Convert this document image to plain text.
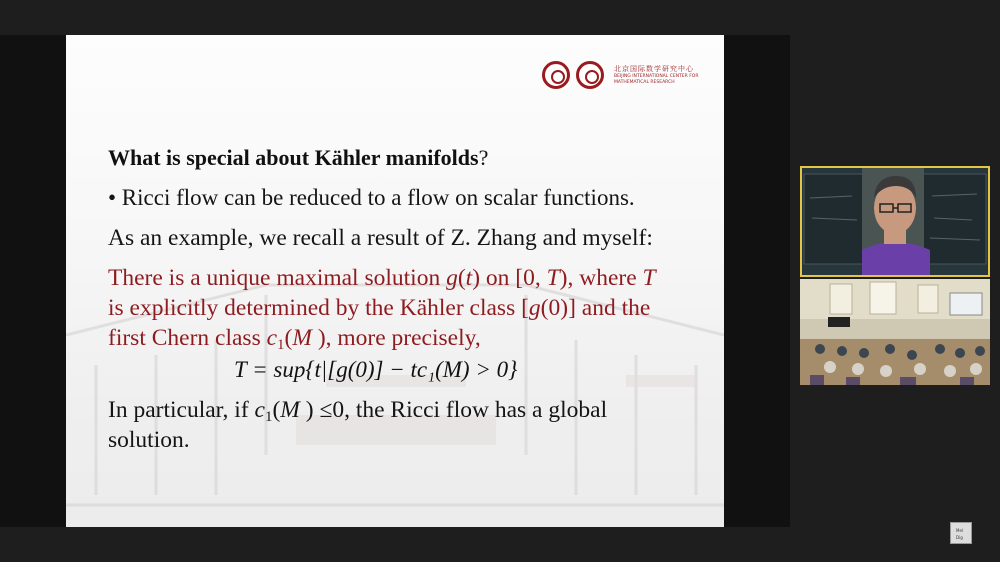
北京国际数学研究中心
BEIJING INTERNATIONAL CENTER FOR
MATHEMATICAL RESEARCH
What is special about Kähler manifolds?
• Ricci flow can be reduced to a flow on scalar functions.
As an example, we recall a result of Z. Zhang and myself:
There is a unique maximal solution g(t) on [0, T), where T
is explicitly determined by the Kähler class [g(0)] and the
first Chern class $c_1(M$ ), more precisely,
T = sup{t|[g(0)] − tc₁(M) > 0}
In particular, if $c_1(M$ ) ≤0, the Ricci flow has a global
solution.
Mel
Dig
